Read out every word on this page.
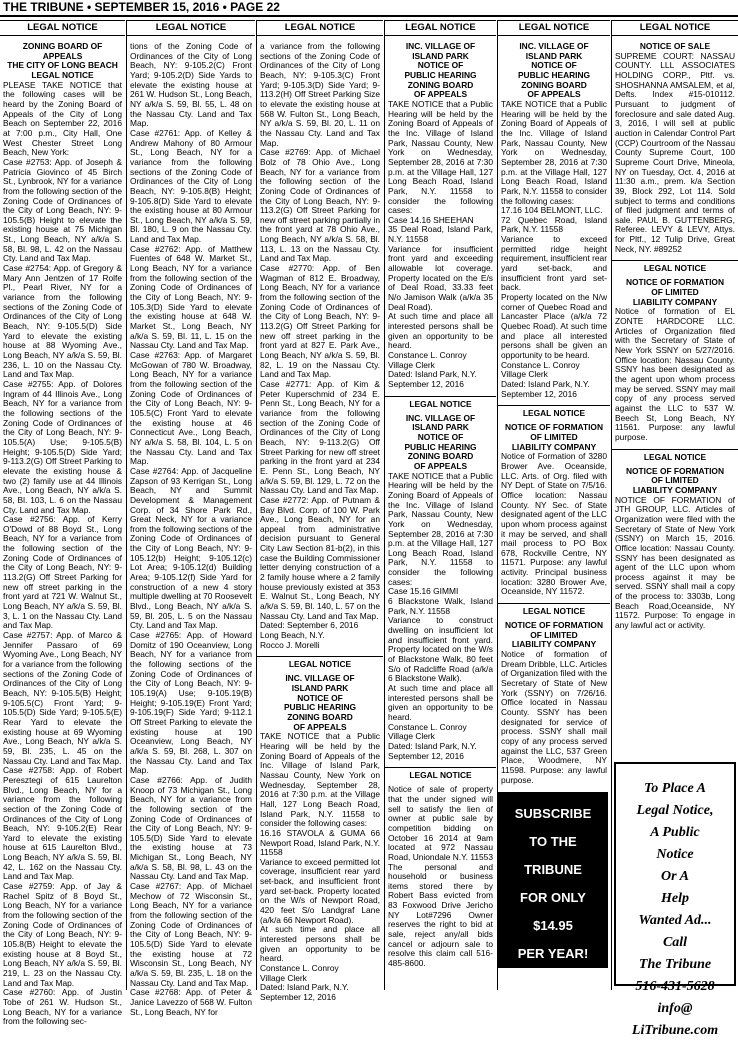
THE TRIBUNE • SEPTEMBER 15, 2016 • PAGE 22
LEGAL NOTICE
ZONING BOARD OF APPEALS
THE CITY OF LONG BEACH
LEGAL NOTICE
PLEASE TAKE NOTICE that the following cases will be heard by the Zoning Board of Appeals of the City of Long Beach on September 22, 2016 at 7:00 p.m., City Hall, One West Chester Street Long Beach, New York:
Case #2753: App. of Joseph & Patricia Giovinco of 45 Birch St., Lynbrook, NY for a variance from the following section of the Zoning Code of Ordinances of the City of Long Beach, NY: 9-105.5(B) Height to elevate the existing house at 75 Michigan St., Long Beach, NY a/k/a S. 58, Bl. 98, L. 42 on the Nassau Cty. Land and Tax Map.
Case #2754: App. of Gregory & Mary Ann Jentzen of 17 Rolfe Pl., Pearl River, NY for a variance from the following sections of the Zoning Code of Ordinances of the City of Long Beach, NY: 9-105.5(D) Side Yard to elevate the existing house at 88 Wyoming Ave., Long Beach, NY a/k/a S. 59, Bl. 236, L. 10 on the Nassau Cty. Land and Tax Map.
Case #2755: App. of Dolores Ingram of 44 Illinois Ave., Long Beach, NY for a variance from the following sections of the Zoning Code of Ordinances of the City of Long Beach, NY: 9-105.5(A) Use; 9-105.5(B) Height; 9-105.5(D) Side Yard; 9-113.2(G) Off Street Parking to elevate the existing house & two (2) family use at 44 Illinois Ave., Long Beach, NY a/k/a S. 58, Bl. 103, L. 6 on the Nassau Cty. Land and Tax Map.
Case #2756: App. of Kerry O'Dowd of 88 Boyd St., Long Beach, NY for a variance from the following section of the Zoning Code of Ordinances of the City of Long Beach, NY: 9-113.2(G) Off Street Parking for new off street parking in the front yard at 721 W. Walnut St., Long Beach, NY a/k/a S. 59, Bl. 3, L. 1 on the Nassau Cty. Land and Tax Map.
Case #2757: App. of Marco & Jennifer Passaro of 69 Wyoming Ave., Long Beach, NY for a variance from the following sections of the Zoning Code of Ordinances of the City of Long Beach, NY: 9-105.5(B) Height; 9-105.5(C) Front Yard; 9-105.5(D) Side Yard; 9-105.5(E) Rear Yard to elevate the existing house at 69 Wyoming Ave., Long Beach, NY a/k/a S. 59, Bl. 235, L. 45 on the Nassau Cty. Land and Tax Map.
Case #2758: App. of Robert Peresztegi of 615 Laurelton Blvd., Long Beach, NY for a variance from the following section of the Zoning Code of Ordinances of the City of Long Beach, NY: 9-105.2(E) Rear Yard to elevate the existing house at 615 Laurelton Blvd., Long Beach, NY a/k/a S. 59, Bl. 42, L. 162 on the Nassau Cty. Land and Tax Map.
Case #2759: App. of Jay & Rachel Spitz of 8 Boyd St., Long Beach, NY for a variance from the following section of the Zoning Code of Ordinances of the City of Long Beach, NY: 9-105.8(B) Height to elevate the existing house at 8 Boyd St., Long Beach, NY a/k/a S. 59, Bl. 219, L. 23 on the Nassau Cty. Land and Tax Map.
Case #2760: App. of Justin Tobe of 261 W. Hudson St., Long Beach, NY for a variance from the following sec-
LEGAL NOTICE
tions of the Zoning Code of Ordinances of the City of Long Beach, NY: 9-105.2(C) Front Yard; 9-105.2(D) Side Yards to elevate the existing house at 261 W. Hudson St., Long Beach, NY a/k/a S. 59, Bl. 55, L. 48 on the Nassau Cty. Land and Tax Map.
Case #2761: App. of Kelley & Andrew Mahony of 80 Armour St., Long Beach, NY for a variance from the following sections of the Zoning Code of Ordinances of the City of Long Beach, NY: 9-105.8(B) Height; 9-105.8(D) Side Yard to elevate the existing house at 80 Armour St., Long Beach, NY a/k/a S. 59, Bl. 180, L. 9 on the Nassau Cty. Land and Tax Map.
Case #2762: App. of Matthew Fuentes of 648 W. Market St., Long Beach, NY for a variance from the following section of the Zoning Code of Ordinances of the City of Long Beach, NY: 9-105.3(D) Side Yard to elevate the existing house at 648 W. Market St., Long Beach, NY a/k/a S. 59, Bl. 11, L. 15 on the Nassau Cty. Land and Tax Map.
Case #2763: App. of Margaret McGowan of 780 W. Broadway, Long Beach, NY for a variance from the following section of the Zoning Code of Ordinances of the City of Long Beach, NY: 9-105.5(C) Front Yard to elevate the existing house at 46 Connecticut Ave., Long Beach, NY a/k/a S. 58, Bl. 104, L. 5 on the Nassau Cty. Land and Tax Map.
Case #2764: App. of Jacqueline Zapson of 93 Kerrigan St., Long Beach, NY and Summit Development & Management Corp. of 34 Shore Park Rd., Great Neck, NY for a variance from the following sections of the Zoning Code of Ordinances of the City of Long Beach, NY: 9-105.12(b) Height; 9-105.12(c) Lot Area; 9-105.12(d) Building Area; 9-105.12(f) Side Yard for construction of a new 4 story multiple dwelling at 70 Roosevelt Blvd., Long Beach, NY a/k/a S. 59, Bl. 205, L. 5 on the Nassau Cty. Land and Tax Map.
Case #2765: App. of Howard Domitz of 190 Oceanview, Long Beach, NY for a variance from the following sections of the Zoning Code of Ordinances of the City of Long Beach, NY: 9-105.19(A) Use; 9-105.19(B) Height; 9-105.19(E) Front Yard; 9-105.19(F) Side Yard; 9-112.1 Off Street Parking to elevate the existing house at 190 Oceanview, Long Beach, NY a/k/a S. 59, Bl. 268, L. 307 on the Nassau Cty. Land and Tax Map.
Case #2766: App. of Judith Knoop of 73 Michigan St., Long Beach, NY for a variance from the following section of the Zoning Code of Ordinances of the City of Long Beach, NY: 9-105.5(D) Side Yard to elevate the existing house at 73 Michigan St., Long Beach, NY a/k/a S. 58, Bl. 98, L. 43 on the Nassau Cty. Land and Tax Map.
Case #2767: App. of Michael Mechow of 72 Wisconsin St., Long Beach, NY for a variance from the following section of the Zoning Code of Ordinances of the City of Long Beach, NY: 9-105.5(D) Side Yard to elevate the existing house at 72 Wisconsin St., Long Beach, NY a/k/a S. 59, Bl. 235, L. 18 on the Nassau Cty. Land and Tax Map.
Case #2768: App. of Peter & Janice Lavezzo of 568 W. Fulton St., Long Beach, NY for
LEGAL NOTICE
a variance from the following sections of the Zoning Code of Ordinances of the City of Long Beach, NY: 9-105.3(C) Front Yard; 9-105.3(D) Side Yard; 9-113.2(H) Off Street Parking Size to elevate the existing house at 568 W. Fulton St., Long Beach, NY a/k/a S. 59, Bl. 20, L. 11 on the Nassau Cty. Land and Tax Map.
Case #2769: App. of Michael Bolz of 78 Ohio Ave., Long Beach, NY for a variance from the following section of the Zoning Code of Ordinances of the City of Long Beach, NY: 9-113.2(G) Off Street Parking for new off street parking partially in the front yard at 78 Ohio Ave., Long Beach, NY a/k/a S. 58, Bl. 113, L. 13 on the Nassau Cty. Land and Tax Map.
Case #2770: App. of Ben Wagman of 812 E. Broadway, Long Beach, NY for a variance from the following section of the Zoning Code of Ordinances of the City of Long Beach, NY: 9-113.2(G) Off Street Parking for new off street parking in the front yard at 827 E. Park Ave., Long Beach, NY a/k/a S. 59, Bl. 82, L. 19 on the Nassau Cty. Land and Tax Map.
Case #2771: App. of Kim & Peter Kuperschmid of 234 E. Penn St., Long Beach, NY for a variance from the following section of the Zoning Code of Ordinances of the City of Long Beach, NY: 9-113.2(G) Off Street Parking for new off street parking in the front yard at 234 E. Penn St., Long Beach, NY a/k/a S. 59, Bl. 129, L. 72 on the Nassau Cty. Land and Tax Map.
Case #2772: App. of Putnam & Bay Blvd. Corp. of 100 W. Park Ave., Long Beach, NY for an appeal from administrative decision pursuant to General City Law Section 81-b(2), in this case the Building Commissioner letter denying construction of a 2 family house where a 2 family house previously existed at 353 E. Walnut St., Long Beach, NY a/k/a S. 59, Bl. 140, L. 57 on the Nassau Cty. Land and Tax Map.
Dated: September 6, 2016
Long Beach, N.Y.
Rocco J. Morelli
LEGAL NOTICE
INC. VILLAGE OF
ISLAND PARK
NOTICE OF
PUBLIC HEARING
ZONING BOARD
OF APPEALS
TAKE NOTICE that a Public Hearing will be held by the Zoning Board of Appeals of the Inc. Village of Island Park, Nassau County, New York on Wednesday, September 28, 2016 at 7:30 p.m. at the Village Hall, 127 Long Beach Road, Island Park, N.Y. 11558 to consider the following cases:
16.16 STAVOLA & GUMA 66 Newport Road, Island Park, N.Y. 11558
Variance to exceed permitted lot coverage, insufficient rear yard set-back, and insufficient front yard set-back. Property located on the W/s of Newport Road, 420 feet S/o Landgraf Lane (a/k/a 66 Newport Road).
At such time and place all interested persons shall be given an opportunity to be heard.
Constance L. Conroy
Village Clerk
Dated: Island Park, N.Y.
September 12, 2016
LEGAL NOTICE
INC. VILLAGE OF
ISLAND PARK
NOTICE OF
PUBLIC HEARING
ZONING BOARD
OF APPEALS
TAKE NOTICE that a Public Hearing will be held by the Zoning Board of Appeals of the Inc. Village of Island Park, Nassau County, New York on Wednesday, September 28, 2016 at 7:30 p.m. at the Village Hall, 127 Long Beach Road, Island Park, N.Y. 11558 to consider the following cases:
Case 14.16 SHEEHAN
35 Deal Road, Island Park, N.Y. 11558
Variance for insufficient front yard and exceeding allowable lot coverage. Property located on the E/s of Deal Road, 33.33 feet N/o Jamison Walk (a/k/a 35 Deal Road).
At such time and place all interested persons shall be given an opportunity to be heard.
Constance L. Conroy
Village Clerk
Dated: Island Park, N.Y.
September 12, 2016
LEGAL NOTICE
INC. VILLAGE OF
ISLAND PARK
NOTICE OF
PUBLIC HEARING
ZONING BOARD
OF APPEALS
TAKE NOTICE that a Public Hearing will be held by the Zoning Board of Appeals of the Inc. Village of Island Park, Nassau County, New York on Wednesday, September 28, 2016 at 7:30 p.m. at the Village Hall, 127 Long Beach Road, Island Park, N.Y. 11558 to consider the following cases:
Case 15.16 GIMMI
6 Blackstone Walk, Island Park, N.Y. 11558
Variance to construct dwelling on insufficient lot and insufficient front yard. Property located on the W/s of Blackstone Walk, 80 feet S/o of Radcliffe Road (a/k/a 6 Blackstone Walk).
At such time and place all interested persons shall be given an opportunity to be heard.
Constance L. Conroy
Village Clerk
Dated: Island Park, N.Y.
September 12, 2016
LEGAL NOTICE
Notice of sale of property that the under signed will sell to satisfy the lien of owner at public sale by competition bidding on October 16 2014 at 9am located at 972 Nassau Road, Uniondale N.Y. 11553 The personal and household or business items stored there by Robert Bass evicted from 83 Foxwood Drive Jericho NY Lot#7296 Owner reserves the right to bid at sale, reject any/all bids cancel or adjourn sale to resolve this claim call 516-485-8600.
LEGAL NOTICE
INC. VILLAGE OF
ISLAND PARK
NOTICE OF
PUBLIC HEARING
ZONING BOARD
OF APPEALS
TAKE NOTICE that a Public Hearing will be held by the Zoning Board of Appeals of the Inc. Village of Island Park, Nassau County, New York on Wednesday, September 28, 2016 at 7:30 p.m. at the Village Hall, 127 Long Beach Road, Island Park, N.Y. 11558 to consider the following cases:
17.16 104 BELMONT, LLC.
72 Quebec Road, Island Park, N.Y. 11558
Variance to exceed permitted ridge height requirement, insufficient rear yard set-back, and insufficient front yard set-back.
Property located on the N/w corner of Quebec Road and Lancaster Place (a/k/a 72 Quebec Road). At such time and place all interested persons shall be given an opportunity to be heard.
Constance L. Conroy
Village Clerk
Dated: Island Park, N.Y.
September 12, 2016
LEGAL NOTICE
NOTICE OF FORMATION
OF LIMITED
LIABILITY COMPANY
Notice of Formation of 3280 Brower Ave. Oceanside, LLC. Arts. of Org. filed with NY Dept. of State on 7/5/16. Office location: Nassau County. NY Sec. of State designated agent of the LLC upon whom process against it may be served, and shall mail process to PO Box 678, Rockville Centre, NY 11571. Purpose: any lawful activity. Principal business location: 3280 Brower Ave, Oceanside, NY 11572.
LEGAL NOTICE
NOTICE OF FORMATION
OF LIMITED
LIABILITY COMPANY
Notice of formation of Dream Dribble, LLC. Articles of Organization filed with the Secretary of State of New York (SSNY) on 7/26/16. Office located in Nassau County. SSNY has been designated for service of process. SSNY shall mail copy of any process served against the LLC, 537 Green Place, Woodmere, NY 11598. Purpose: any lawful purpose.
LEGAL NOTICE
NOTICE OF SALE
SUPREME COURT: NASSAU COUNTY. LLL ASSOCIATES HOLDING CORP., Pltf. vs. SHOSHANNA AMSALEM, et al, Defts. Index #15-010112. Pursuant to judgment of foreclosure and sale dated Aug. 3, 2016, I will sell at public auction in Calendar Control Part (CCP) Courtroom of the Nassau County Supreme Court, 100 Supreme Court Drive, Mineola, NY on Tuesday, Oct. 4, 2016 at 11:30 a.m., prem. k/a Section 39, Block 292, Lot 114. Sold subject to terms and conditions of filed judgment and terms of sale. PAUL B. GUTTENBERG, Referee. LEVY & LEVY, Attys. for Pltf., 12 Tulip Drive, Great Neck, NY. #89252
LEGAL NOTICE
NOTICE OF FORMATION
OF LIMITED
LIABILITY COMPANY
Notice of formation of EL ZONTE HARDCORE LLC. Articles of Organization filed with the Secretary of State of New York SSNY on 5/27/2016. Office location: Nassau County. SSNY has been designated as the agent upon whom process may be served. SSNY may mail copy of any process served against the LLC to 537 W. Beech St, Long Beach, NY 11561. Purpose: any lawful purpose.
LEGAL NOTICE
NOTICE OF FORMATION
OF LIMITED
LIABILITY COMPANY
NOTICE OF FORMATION of JTH GROUP, LLC. Articles of Organization were filed with the Secretary of State of New York (SSNY) on March 15, 2016. Office location: Nassau County. SSNY has been designated as agent of the LLC upon whom process against it may be served. SSNY shall mail a copy of the process to: 3303b, Long Beach Road,Oceanside, NY 11572. Purpose: To engage in any lawful act or activity.
SUBSCRIBE
TO THE
TRIBUNE
FOR ONLY
$14.95
PER YEAR!
CALL 431-5628
To Place A
Legal Notice,
A Public
Notice
Or A
Help
Wanted Ad...
Call
The Tribune
516-431-5628
info@
LiTribune.com
